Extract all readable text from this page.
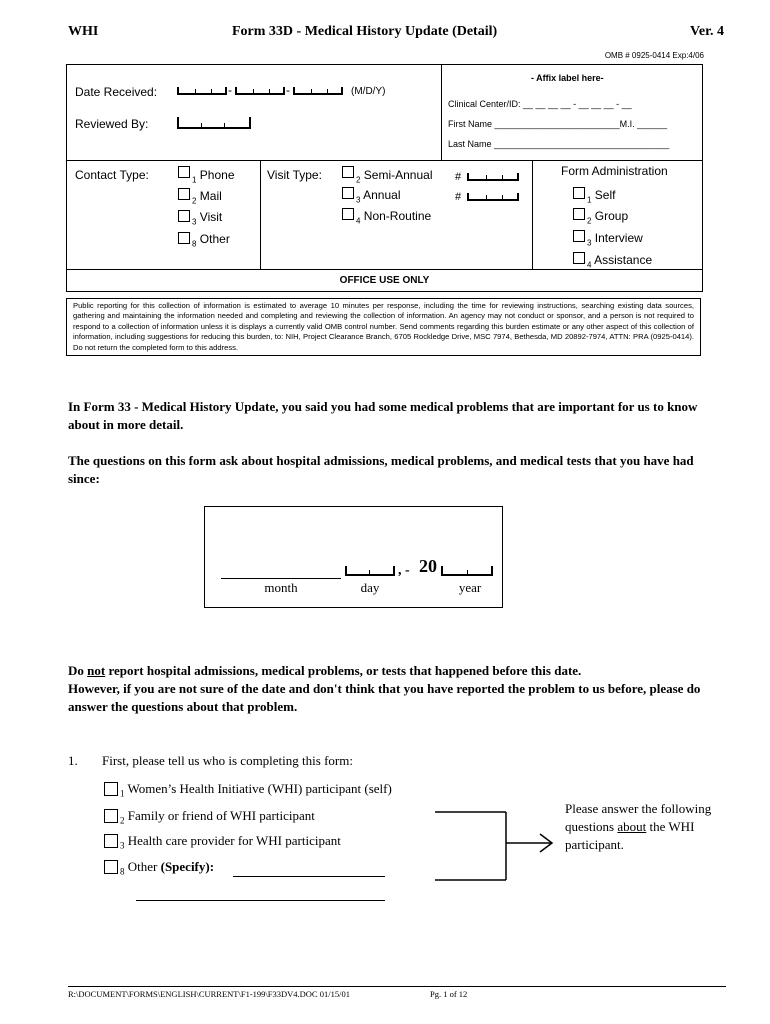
WHI	Form 33D - Medical History Update (Detail)	Ver. 4
OMB # 0925-0414 Exp:4/06
Date Received:	-	-	(M/D/Y)
Reviewed By:
- Affix label here-
Clinical Center/ID: __ __ __ __ - __ __ __ - __
First Name _________________________M.I. ______
Last Name ___________________________________
Contact Type:	$_1$ Phone
$_2$ Mail
$_3$ Visit
$_8$ Other
Visit Type:	$_2$ Semi-Annual
$_3$ Annual
$_4$ Non-Routine
#
#
Form Administration
$_1$ Self
$_2$ Group
$_3$ Interview
$_4$ Assistance
OFFICE USE ONLY
Public reporting for this collection of information is estimated to average 10 minutes per response, including the time for reviewing instructions, searching existing data sources, gathering and maintaining the information needed and completing and reviewing the collection of information. An agency may not conduct or sponsor, and a person is not required to respond to a collection of information unless it is displays a currently valid OMB control number. Send comments regarding this burden estimate or any other aspect of this collection of information, including suggestions for reducing this burden, to: NIH, Project Clearance Branch, 6705 Rockledge Drive, MSC 7974, Bethesda, MD 20892-7974, ATTN: PRA (0925-0414). Do not return the completed form to this address.
In Form 33 - Medical History Update, you said you had some medical problems that are important for us to know about in more detail.
The questions on this form ask about hospital admissions, medical problems, and medical tests that you have had since:
month	day
, - 20
year
Do not report hospital admissions, medical problems, or tests that happened before this date.
However, if you are not sure of the date and don't think that you have reported the problem to us before, please do answer the questions about that problem.
1. First, please tell us who is completing this form:
$_1$ Women’s Health Initiative (WHI) participant (self)
$_2$ Family or friend of WHI participant
$_3$ Health care provider for WHI participant
$_8$ Other (Specify):
Please answer the following questions about the WHI participant.
R:\DOCUMENT\FORMS\ENGLISH\CURRENT\F1-199\F33DV4.DOC 01/15/01	Pg. 1 of 12
